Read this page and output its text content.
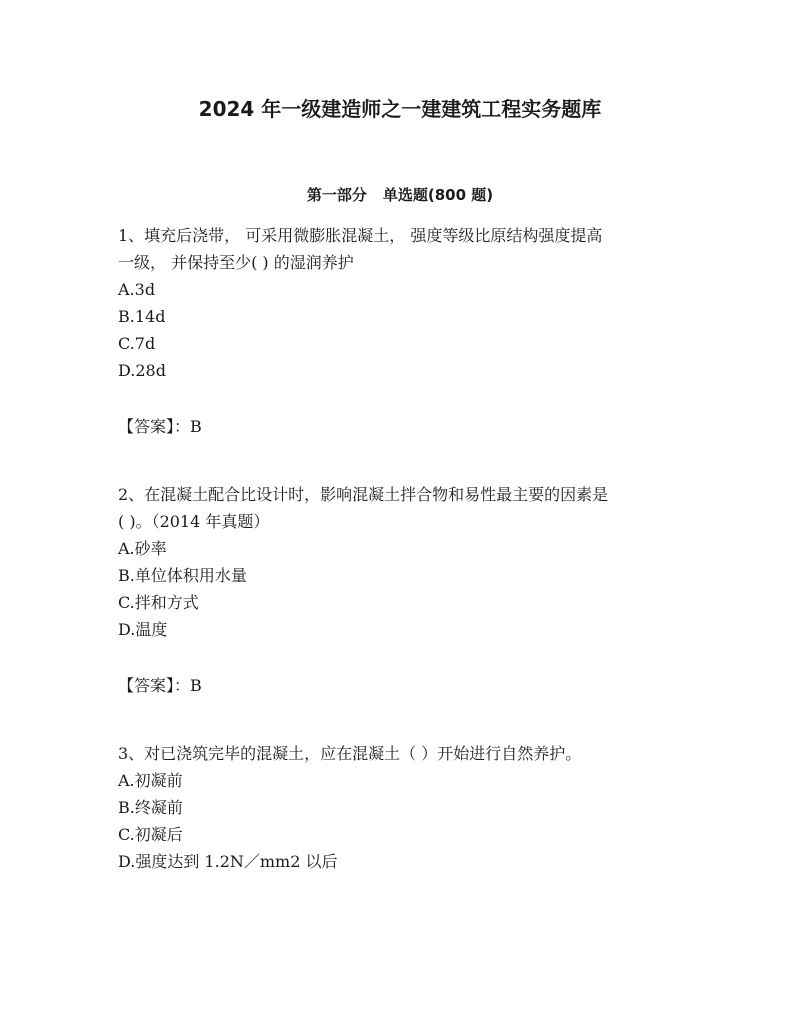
2024 年一级建造师之一建建筑工程实务题库
第一部分 单选题(800 题)
1、填充后浇带， 可采用微膨胀混凝土， 强度等级比原结构强度提高
一级， 并保持至少( ) 的湿润养护
A.3d
B.14d
C.7d
D.28d
【答案】：B
2、在混凝土配合比设计时，影响混凝土拌合物和易性最主要的因素是
( )。（2014 年真题）
A.砂率
B.单位体积用水量
C.拌和方式
D.温度
【答案】：B
3、对已浇筑完毕的混凝土，应在混凝土（ ）开始进行自然养护。
A.初凝前
B.终凝前
C.初凝后
D.强度达到 1.2N／mm2 以后
